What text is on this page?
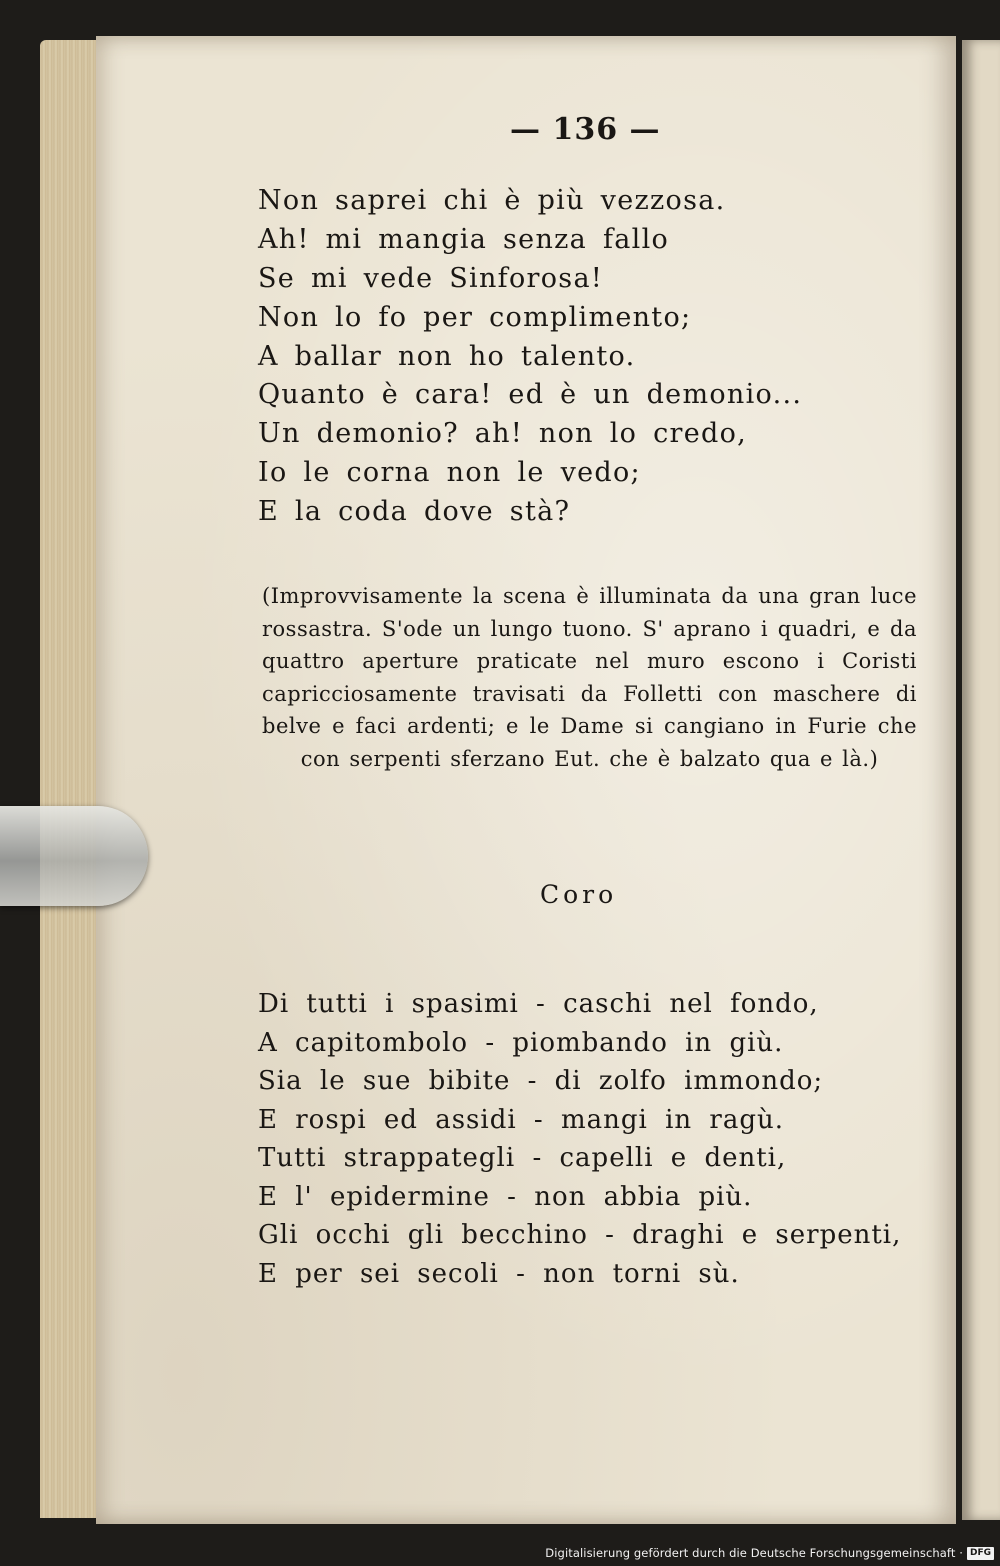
— 136 —

Non saprei chi è più vezzosa.
Ah! mi mangia senza fallo
Se mi vede Sinforosa!
Non lo fo per complimento;
A ballar non ho talento.
Quanto è cara! ed è un demonio...
Un demonio? ah! non lo credo,
Io le corna non le vedo;
E la coda dove stà?

(Improvvisamente la scena è illuminata da una gran luce rossastra. S'ode un lungo tuono. S' aprano i quadri, e da quattro aperture praticate nel muro escono i Coristi capricciosamente travisati da Folletti con maschere di belve e faci ardenti; e le Dame si cangiano in Furie che con serpenti sferzano Eut. che è balzato qua e là.)

Coro

Di tutti i spasimi - caschi nel fondo,
A capitombolo - piombando in giù.
Sia le sue bibite - di zolfo immondo;
E rospi ed assidi - mangi in ragù.
Tutti strappategli - capelli e denti,
E l' epidermine - non abbia più.
Gli occhi gli becchino - draghi e serpenti,
E per sei secoli - non torni sù.
Digitalisierung gefördert durch die Deutsche Forschungsgemeinschaft · DFG
